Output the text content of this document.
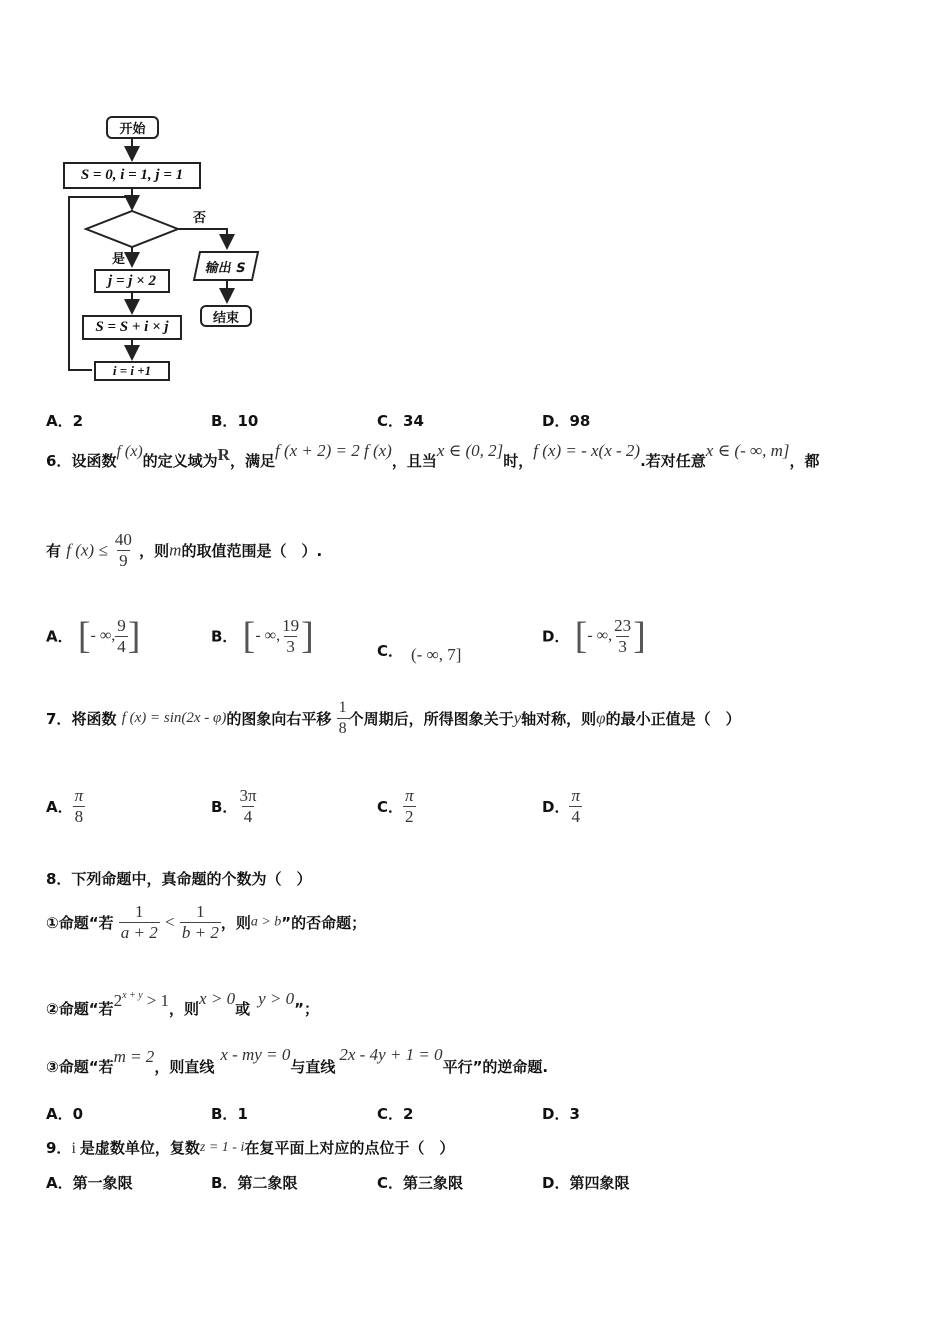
开始
S = 0, i = 1, j = 1
否
是
j = j × 2
S = S + i × j
i = i +1
输出 S
结束
A．2	B．10	C．34	D．98
6．设函数f (x)的定义域为R，满足f (x + 2) = 2 f (x)，且当x ∈ (0, 2]时，f (x) = - x(x - 2).若对任意x ∈ (- ∞, m]，都
有 f $(x) \le \frac{40}{9}$ ，则m的取值范围是（　）.
A． [- ∞, $\frac{9}{4}$ ]	B． [- ∞, $\frac{19}{3}$ ]	C． (- ∞, 7]
D． [- ∞, $\frac{23}{3}$ ]
7．将函数 f (x) = sin(2x - φ)的图象向右平移 $\frac{1}{8}$ 个周期后，所得图象关于y轴对称，则φ的最小正值是（　）
A． $\frac{\pi}{8}$	B． $\frac{3\pi}{4}$	C． $\frac{\pi}{2}$	D． $\frac{\pi}{4}$
8．下列命题中，真命题的个数为（　）
①命题“若 $\frac{1}{a + 2} < \frac{1}{b + 2}$ ，则a > b”的否命题；
②命题“若$2^{x + y} > 1$，则x > 0或y > 0”；
③命题“若m = 2，则直线x - my = 0与直线2x - 4y + 1 = 0平行”的逆命题.
A．0	B．1	C．2	D．3
9．i 是虚数单位，复数z = 1 - i在复平面上对应的点位于（　）
A．第一象限	B．第二象限	C．第三象限	D．第四象限
